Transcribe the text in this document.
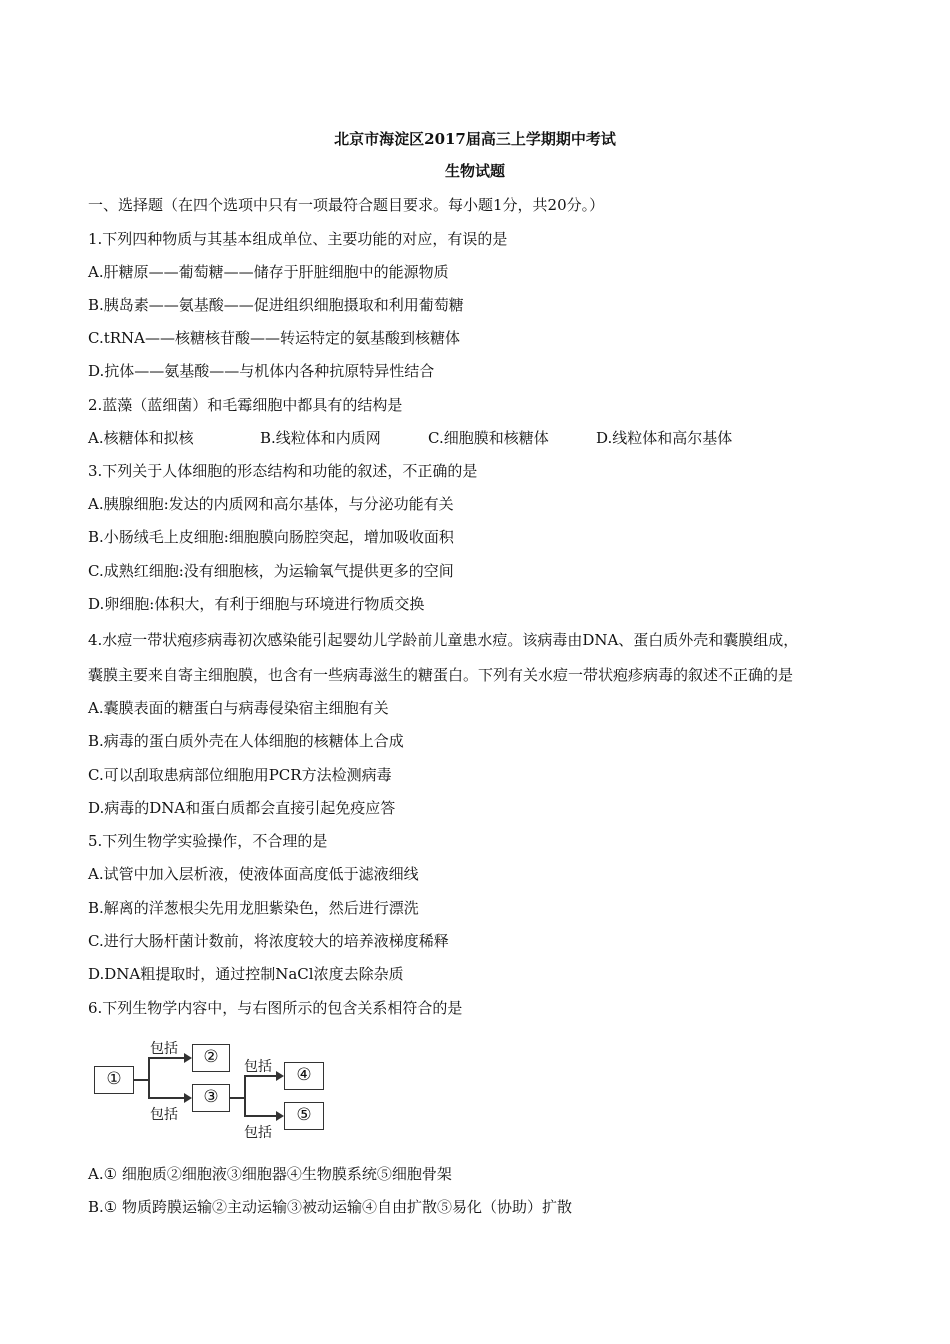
北京市海淀区2017届高三上学期期中考试
生物试题
一、选择题（在四个选项中只有一项最符合题目要求。每小题1分，共20分。）
1.下列四种物质与其基本组成单位、主要功能的对应，有误的是
A.肝糖原——葡萄糖——储存于肝脏细胞中的能源物质
B.胰岛素——氨基酸——促进组织细胞摄取和利用葡萄糖
C.tRNA——核糖核苷酸——转运特定的氨基酸到核糖体
D.抗体——氨基酸——与机体内各种抗原特异性结合
2.蓝藻（蓝细菌）和毛霉细胞中都具有的结构是
A.核糖体和拟核	B.线粒体和内质网	C.细胞膜和核糖体	D.线粒体和高尔基体
3.下列关于人体细胞的形态结构和功能的叙述，不正确的是
A.胰腺细胞:发达的内质网和高尔基体，与分泌功能有关
B.小肠绒毛上皮细胞:细胞膜向肠腔突起，增加吸收面积
C.成熟红细胞:没有细胞核，为运输氧气提供更多的空间
D.卵细胞:体积大，有利于细胞与环境进行物质交换
4.水痘一带状疱疹病毒初次感染能引起婴幼儿学龄前儿童患水痘。该病毒由DNA、蛋白质外壳和囊膜组成，
囊膜主要来自寄主细胞膜，也含有一些病毒滋生的糖蛋白。下列有关水痘一带状疱疹病毒的叙述不正确的是
A.囊膜表面的糖蛋白与病毒侵染宿主细胞有关
B.病毒的蛋白质外壳在人体细胞的核糖体上合成
C.可以刮取患病部位细胞用PCR方法检测病毒
D.病毒的DNA和蛋白质都会直接引起免疫应答
5.下列生物学实验操作，不合理的是
A.试管中加入层析液，使液体面高度低于滤液细线
B.解离的洋葱根尖先用龙胆紫染色，然后进行漂洗
C.进行大肠杆菌计数前，将浓度较大的培养液梯度稀释
D.DNA粗提取时，通过控制NaCl浓度去除杂质
6.下列生物学内容中，与右图所示的包含关系相符合的是
①
②
③
④
⑤
包括
包括
包括
包括
A.① 细胞质②细胞液③细胞器④生物膜系统⑤细胞骨架
B.① 物质跨膜运输②主动运输③被动运输④自由扩散⑤易化（协助）扩散
